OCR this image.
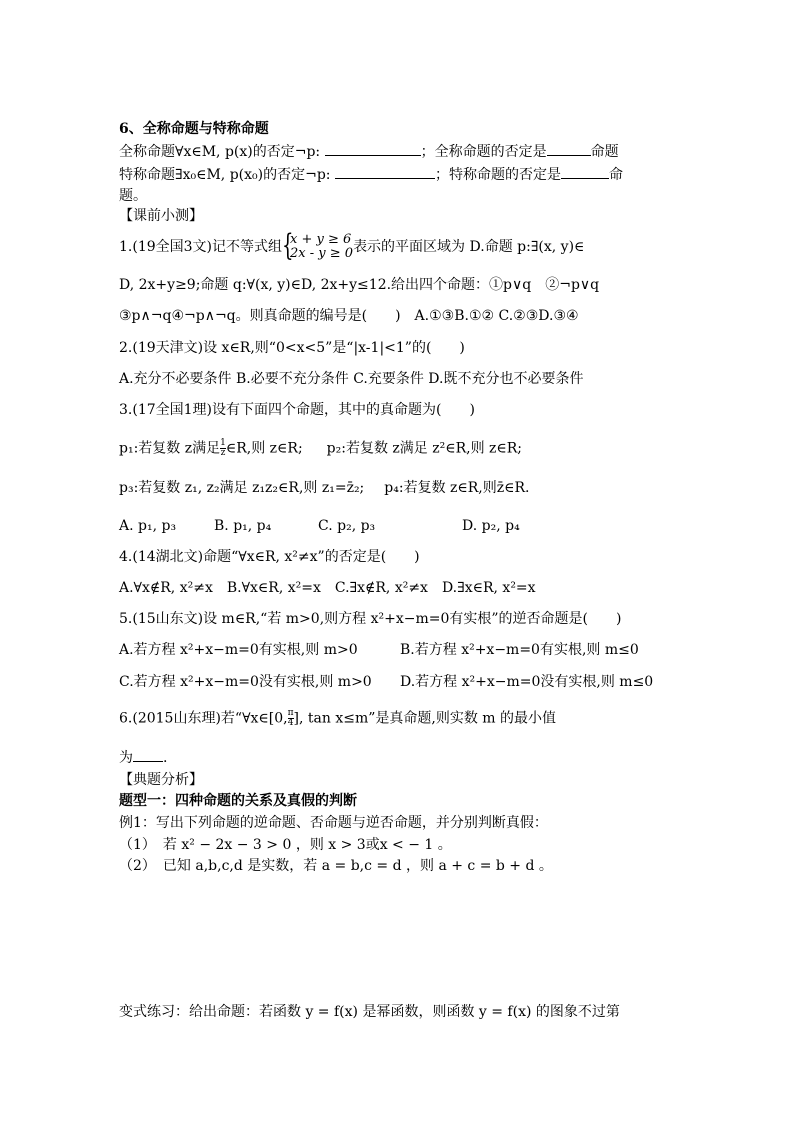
6、全称命题与特称命题
全称命题∀x∈M, p(x)的否定¬p:	；全称命题的否定是	命题
特称命题∃x₀∈M, p(x₀)的否定¬p:	；特称命题的否定是	命
题。
【课前小测】
1.(19全国3文)记不等式组 {
x + y ≥ 6
2x - y ≥ 0 表示的平面区域为 D.命题 p:∃(x, y)∈
D, 2x+y≥9;命题 q:∀(x, y)∈D, 2x+y≤12.给出四个命题：①p∨q　②¬p∨q
③p∧¬q④¬p∧¬q。则真命题的编号是(　　)　A.①③B.①② C.②③D.③④
2.(19天津文)设 x∈R,则“0<x<5”是“|x-1|<1”的(　　)
A.充分不必要条件 B.必要不充分条件 C.充要条件 D.既不充分也不必要条件
3.(17全国1理)设有下面四个命题，其中的真命题为(　　)
p₁:若复数 z满足 $\frac{1}{z}$ ∈R,则 z∈R; p₂:若复数 z满足 z²∈R,则 z∈R;
p₃:若复数 z₁, z₂满足 z₁z₂∈R,则 z₁=z̄₂; p₄:若复数 z∈R,则z̄∈R.
A. p₁, p₃	B. p₁, p₄	C. p₂, p₃	D. p₂, p₄
4.(14湖北文)命题“∀x∈R, x²≠x”的否定是(　　)
A.∀x∉R, x²≠x　B.∀x∈R, x²=x　C.∃x∉R, x²≠x　D.∃x∈R, x²=x
5.(15山东文)设 m∈R,“若 m>0,则方程 x²+x−m=0有实根”的逆否命题是(　　)
A.若方程 x²+x−m=0有实根,则 m>0	B.若方程 x²+x−m=0有实根,则 m≤0
C.若方程 x²+x−m=0没有实根,则 m>0 D.若方程 x²+x−m=0没有实根,则 m≤0
6.(2015山东理)若“∀x∈[0, $\frac{\pi}{4}$ ], tan x≤m”是真命题,则实数 m 的最小值
为 .
【典题分析】
题型一：四种命题的关系及真假的判断
例1：写出下列命题的逆命题、否命题与逆否命题，并分别判断真假：
（1）　若 x² − 2x − 3 > 0 ，则 x > 3或x < − 1 。
（2）　已知 a,b,c,d 是实数，若 a = b,c = d ，则 a + c = b + d 。
变式练习：给出命题：若函数 y = f(x) 是幂函数，则函数 y = f(x) 的图象不过第
